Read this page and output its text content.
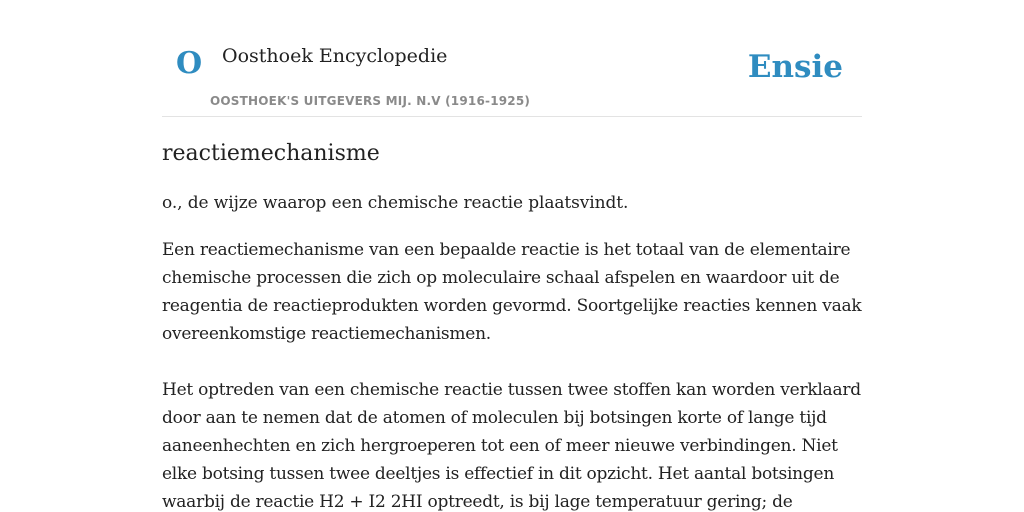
O Oosthoek Encyclopedie
OOSTHOEK'S UITGEVERS MIJ. N.V (1916-1925)
Ensie
reactiemechanisme

o., de wijze waarop een chemische reactie plaatsvindt.

Een reactiemechanisme van een bepaalde reactie is het totaal van de elementaire chemische processen die zich op moleculaire schaal afspelen en waardoor uit de reagentia de reactieprodukten worden gevormd. Soortgelijke reacties kennen vaak overeenkomstige reactiemechanismen.

Het optreden van een chemische reactie tussen twee stoffen kan worden verklaard door aan te nemen dat de atomen of moleculen bij botsingen korte of lange tijd aaneenhechten en zich hergroeperen tot een of meer nieuwe verbindingen. Niet elke botsing tussen twee deeltjes is effectief in dit opzicht. Het aantal botsingen waarbij de reactie H2 + I2 2HI optreedt, is bij lage temperatuur gering; de
